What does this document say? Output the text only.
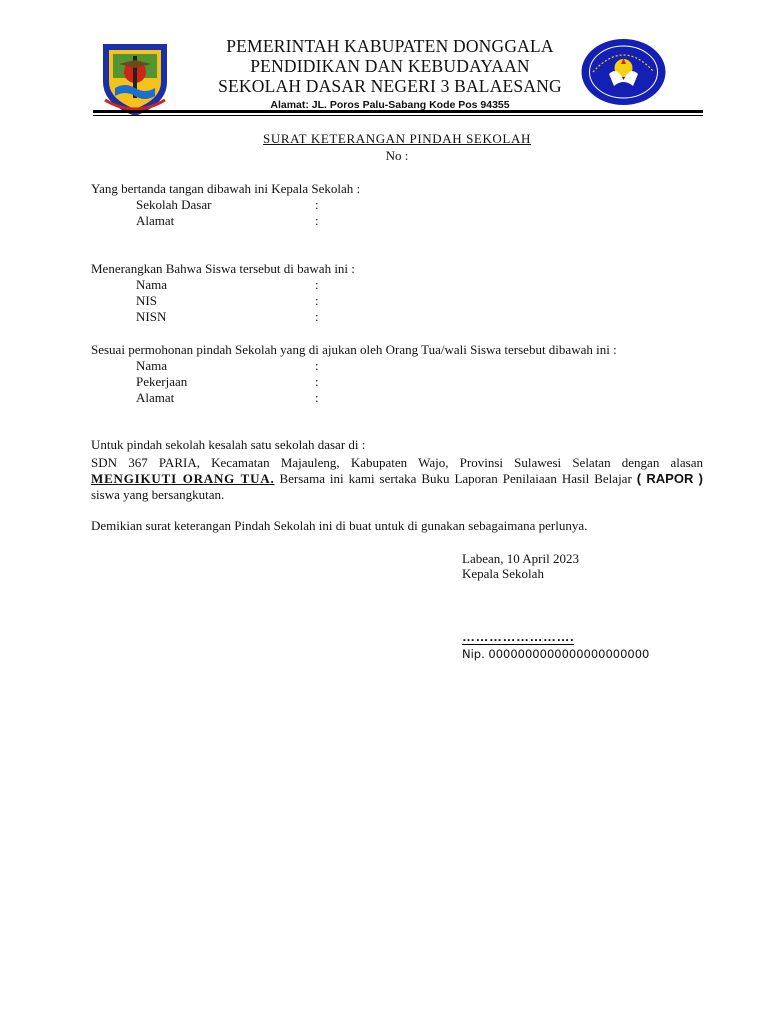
PEMERINTAH KABUPATEN DONGGALA
PENDIDIKAN DAN KEBUDAYAAN
SEKOLAH DASAR NEGERI 3 BALAESANG
Alamat: JL. Poros Palu-Sabang Kode Pos 94355
SURAT KETERANGAN PINDAH SEKOLAH
No :
Yang bertanda tangan dibawah ini Kepala Sekolah :
Sekolah Dasar	:
Alamat	:
Menerangkan Bahwa Siswa tersebut di bawah ini :
Nama	:
NIS	:
NISN	:
Sesuai permohonan pindah Sekolah yang di ajukan oleh Orang Tua/wali Siswa tersebut dibawah ini :
Nama	:
Pekerjaan	:
Alamat	:
Untuk pindah sekolah kesalah satu sekolah dasar di :
SDN 367 PARIA, Kecamatan Majauleng, Kabupaten Wajo, Provinsi Sulawesi Selatan dengan alasan MENGIKUTI ORANG TUA. Bersama ini kami sertaka Buku Laporan Penilaiaan Hasil Belajar ( RAPOR ) siswa yang bersangkutan.
Demikian surat keterangan Pindah Sekolah ini di buat untuk di gunakan sebagaimana perlunya.
Labean, 10 April 2023
Kepala Sekolah
…………………….
Nip. 0000000000000000000000
